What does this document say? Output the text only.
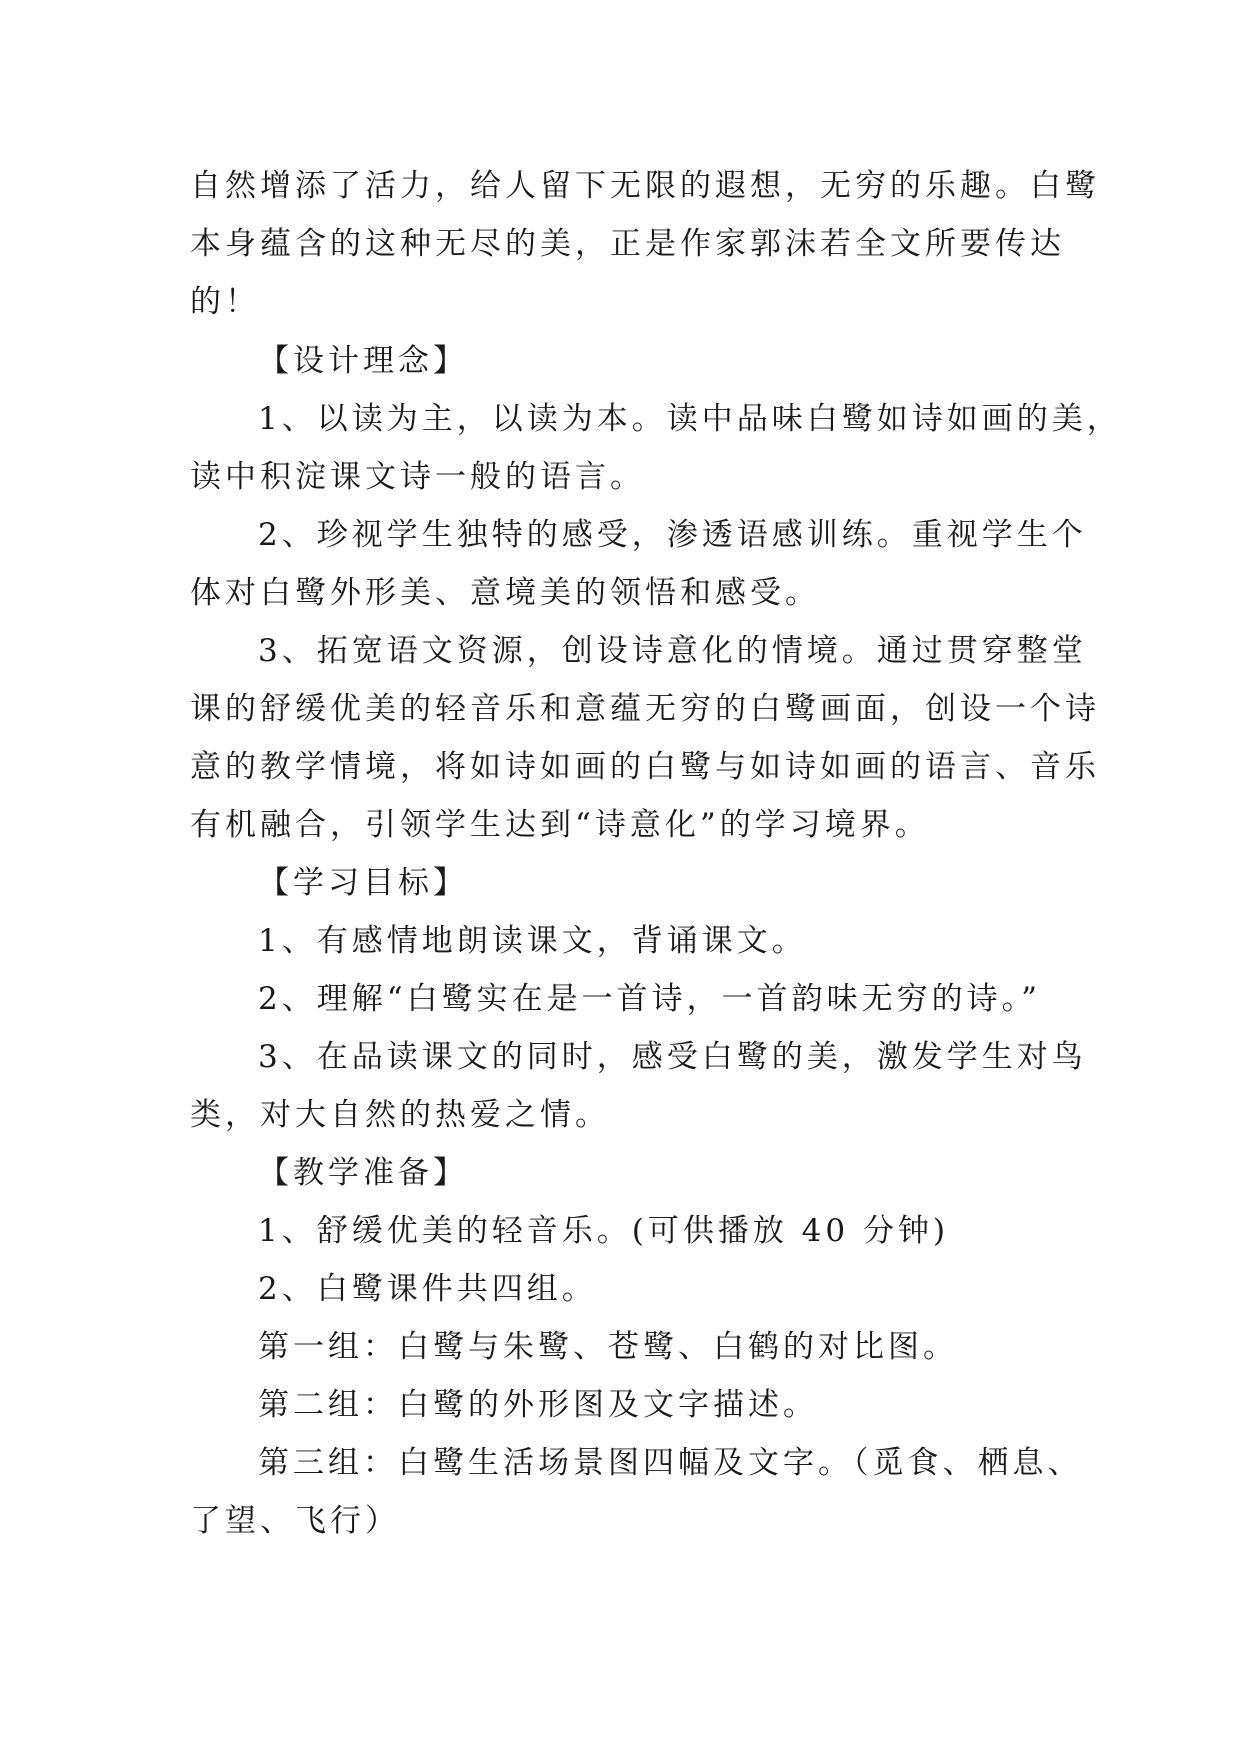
自然增添了活力，给人留下无限的遐想，无穷的乐趣。白鹭
本身蕴含的这种无尽的美，正是作家郭沫若全文所要传达
的！
【设计理念】
1、以读为主，以读为本。读中品味白鹭如诗如画的美，
读中积淀课文诗一般的语言。
2、珍视学生独特的感受，渗透语感训练。重视学生个
体对白鹭外形美、意境美的领悟和感受。
3、拓宽语文资源，创设诗意化的情境。通过贯穿整堂
课的舒缓优美的轻音乐和意蕴无穷的白鹭画面，创设一个诗
意的教学情境，将如诗如画的白鹭与如诗如画的语言、音乐
有机融合，引领学生达到“诗意化”的学习境界。
【学习目标】
1、有感情地朗读课文，背诵课文。
2、理解“白鹭实在是一首诗，一首韵味无穷的诗。”
3、在品读课文的同时，感受白鹭的美，激发学生对鸟
类，对大自然的热爱之情。
【教学准备】
1、舒缓优美的轻音乐。(可供播放 40 分钟)
2、白鹭课件共四组。
第一组：白鹭与朱鹭、苍鹭、白鹤的对比图。
第二组：白鹭的外形图及文字描述。
第三组：白鹭生活场景图四幅及文字。（觅食、栖息、
了望、飞行）
